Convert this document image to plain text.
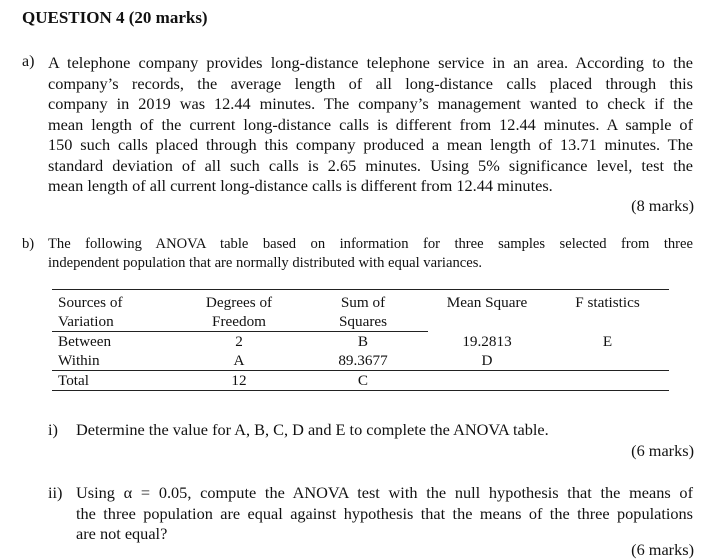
QUESTION 4 (20 marks)
a) A telephone company provides long-distance telephone service in an area. According to the
company’s records, the average length of all long-distance calls placed through this
company in 2019 was 12.44 minutes. The company’s management wanted to check if the
mean length of the current long-distance calls is different from 12.44 minutes. A sample of
150 such calls placed through this company produced a mean length of 13.71 minutes. The
standard deviation of all such calls is 2.65 minutes. Using 5% significance level, test the
mean length of all current long-distance calls is different from 12.44 minutes.
(8 marks)
b) The following ANOVA table based on information for three samples selected from three
independent population that are normally distributed with equal variances.
Sources of	Degrees of	Sum of	Mean Square	F statistics
Variation	Freedom	Squares		
Between	2	B	19.2813	E
Within	A	89.3677	D	
Total	12	C		
i) Determine the value for A, B, C, D and E to complete the ANOVA table.
(6 marks)
ii) Using α = 0.05, compute the ANOVA test with the null hypothesis that the means of
the three population are equal against hypothesis that the means of the three populations
are not equal?
(6 marks)
